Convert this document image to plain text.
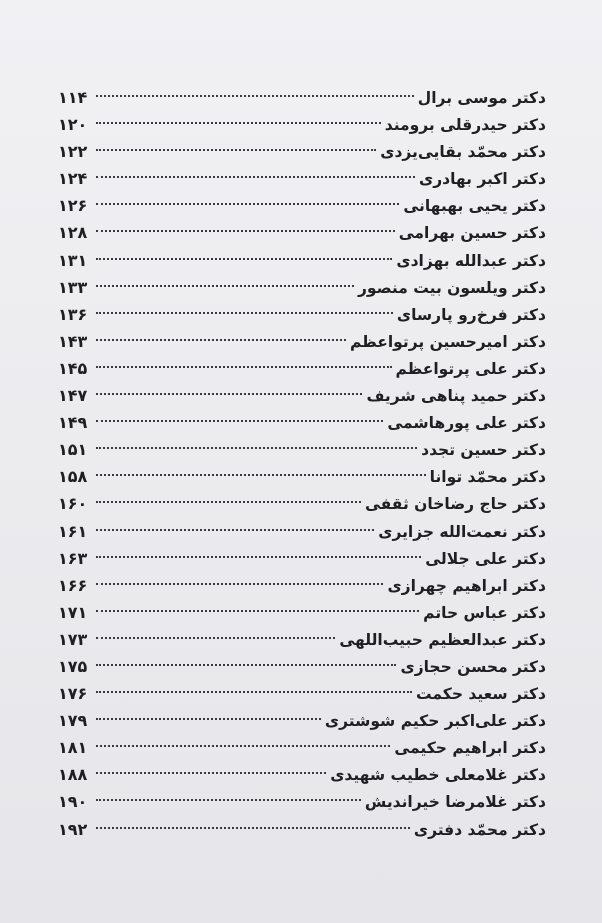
دکتر موسی برال
۱۱۴
دکتر حیدرقلی برومند
۱۲۰
دکتر محمّد بقایی‌یزدی
۱۲۲
دکتر اکبر بهادری
۱۲۴
دکتر یحیی بهبهانی
۱۲۶
دکتر حسین بهرامی
۱۲۸
دکتر عبدالله بهزادی
۱۳۱
دکتر ویلسون بیت منصور
۱۳۳
دکتر فرخ‌رو پارسای
۱۳۶
دکتر امیرحسین پرتواعظم
۱۴۳
دکتر علی پرتواعظم
۱۴۵
دکتر حمید پناهی شریف
۱۴۷
دکتر علی پورهاشمی
۱۴۹
دکتر حسین تجدد
۱۵۱
دکتر محمّد توانا
۱۵۸
دکتر حاج رضاخان ثقفی
۱۶۰
دکتر نعمت‌الله جزایری
۱۶۱
دکتر علی جلالی
۱۶۳
دکتر ابراهیم چهرازی
۱۶۶
دکتر عباس حاتم
۱۷۱
دکتر عبدالعظیم حبیب‌اللهی
۱۷۳
دکتر محسن حجازی
۱۷۵
دکتر سعید حکمت
۱۷۶
دکتر علی‌اکبر حکیم شوشتری
۱۷۹
دکتر ابراهیم حکیمی
۱۸۱
دکتر غلامعلی خطیب شهیدی
۱۸۸
دکتر غلامرضا خیراندیش
۱۹۰
دکتر محمّد دفتری
۱۹۲
